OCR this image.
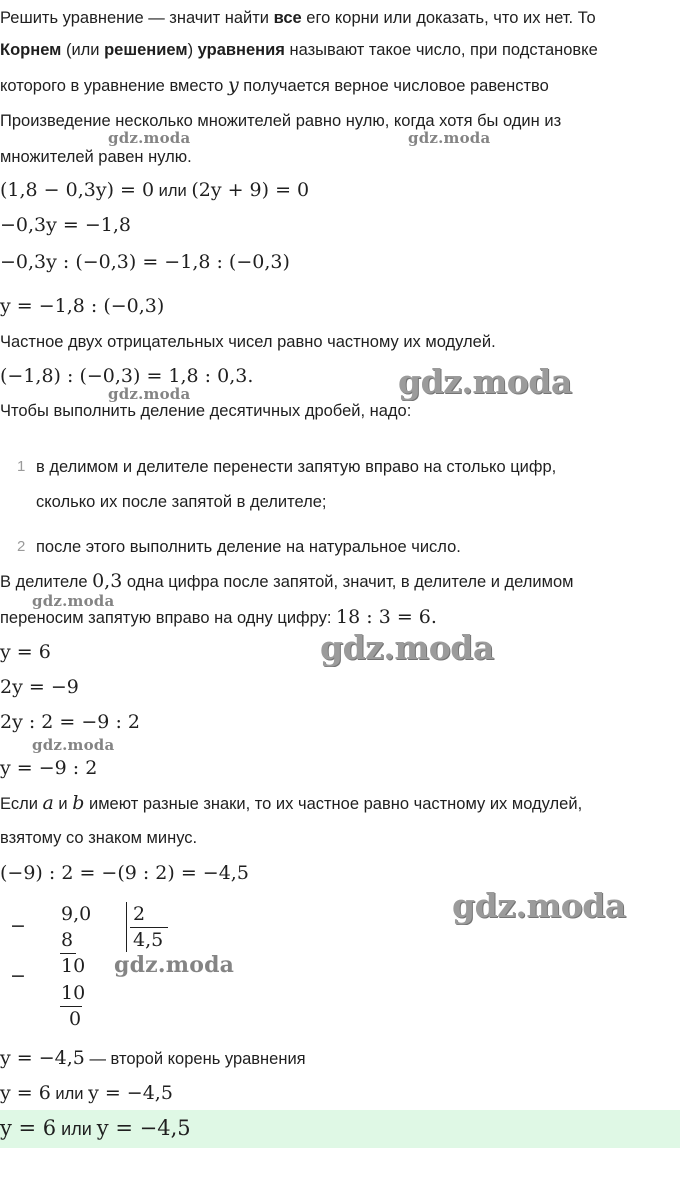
Решить уравнение — значит найти все его корни или доказать, что их нет. То
Корнем (или решением) уравнения называют такое число, при подстановке
которого в уравнение вместо y получается верное числовое равенство
Произведение несколько множителей равно нулю, когда хотя бы один из
множителей равен нулю.
(1,8 − 0,3y) = 0 или (2y + 9) = 0
−0,3y = −1,8
−0,3y : (−0,3) = −1,8 : (−0,3)
y = −1,8 : (−0,3)
Частное двух отрицательных чисел равно частному их модулей.
(−1,8) : (−0,3) = 1,8 : 0,3.
Чтобы выполнить деление десятичных дробей, надо:
1 в делимом и делителе перенести запятую вправо на столько цифр,
сколько их после запятой в делителе;
2 после этого выполнить деление на натуральное число.
В делителе 0,3 одна цифра после запятой, значит, в делителе и делимом
переносим запятую вправо на одну цифру: 18 : 3 = 6.
y = 6
2y = −9
2y : 2 = −9 : 2
y = −9 : 2
Если a и b имеют разные знаки, то их частное равно частному их модулей,
взятому со знаком минус.
(−9) : 2 = −(9 : 2) = −4,5
−
9,0
8
2
4,5
− 10
10
0
y = −4,5 — второй корень уравнения
y = 6 или y = −4,5
y = 6 или y = −4,5
gdz.moda	gdz.moda
gdz.moda	gdz.moda
gdz.moda
gdz.moda
gdz.moda
gdz.moda
gdz.moda
